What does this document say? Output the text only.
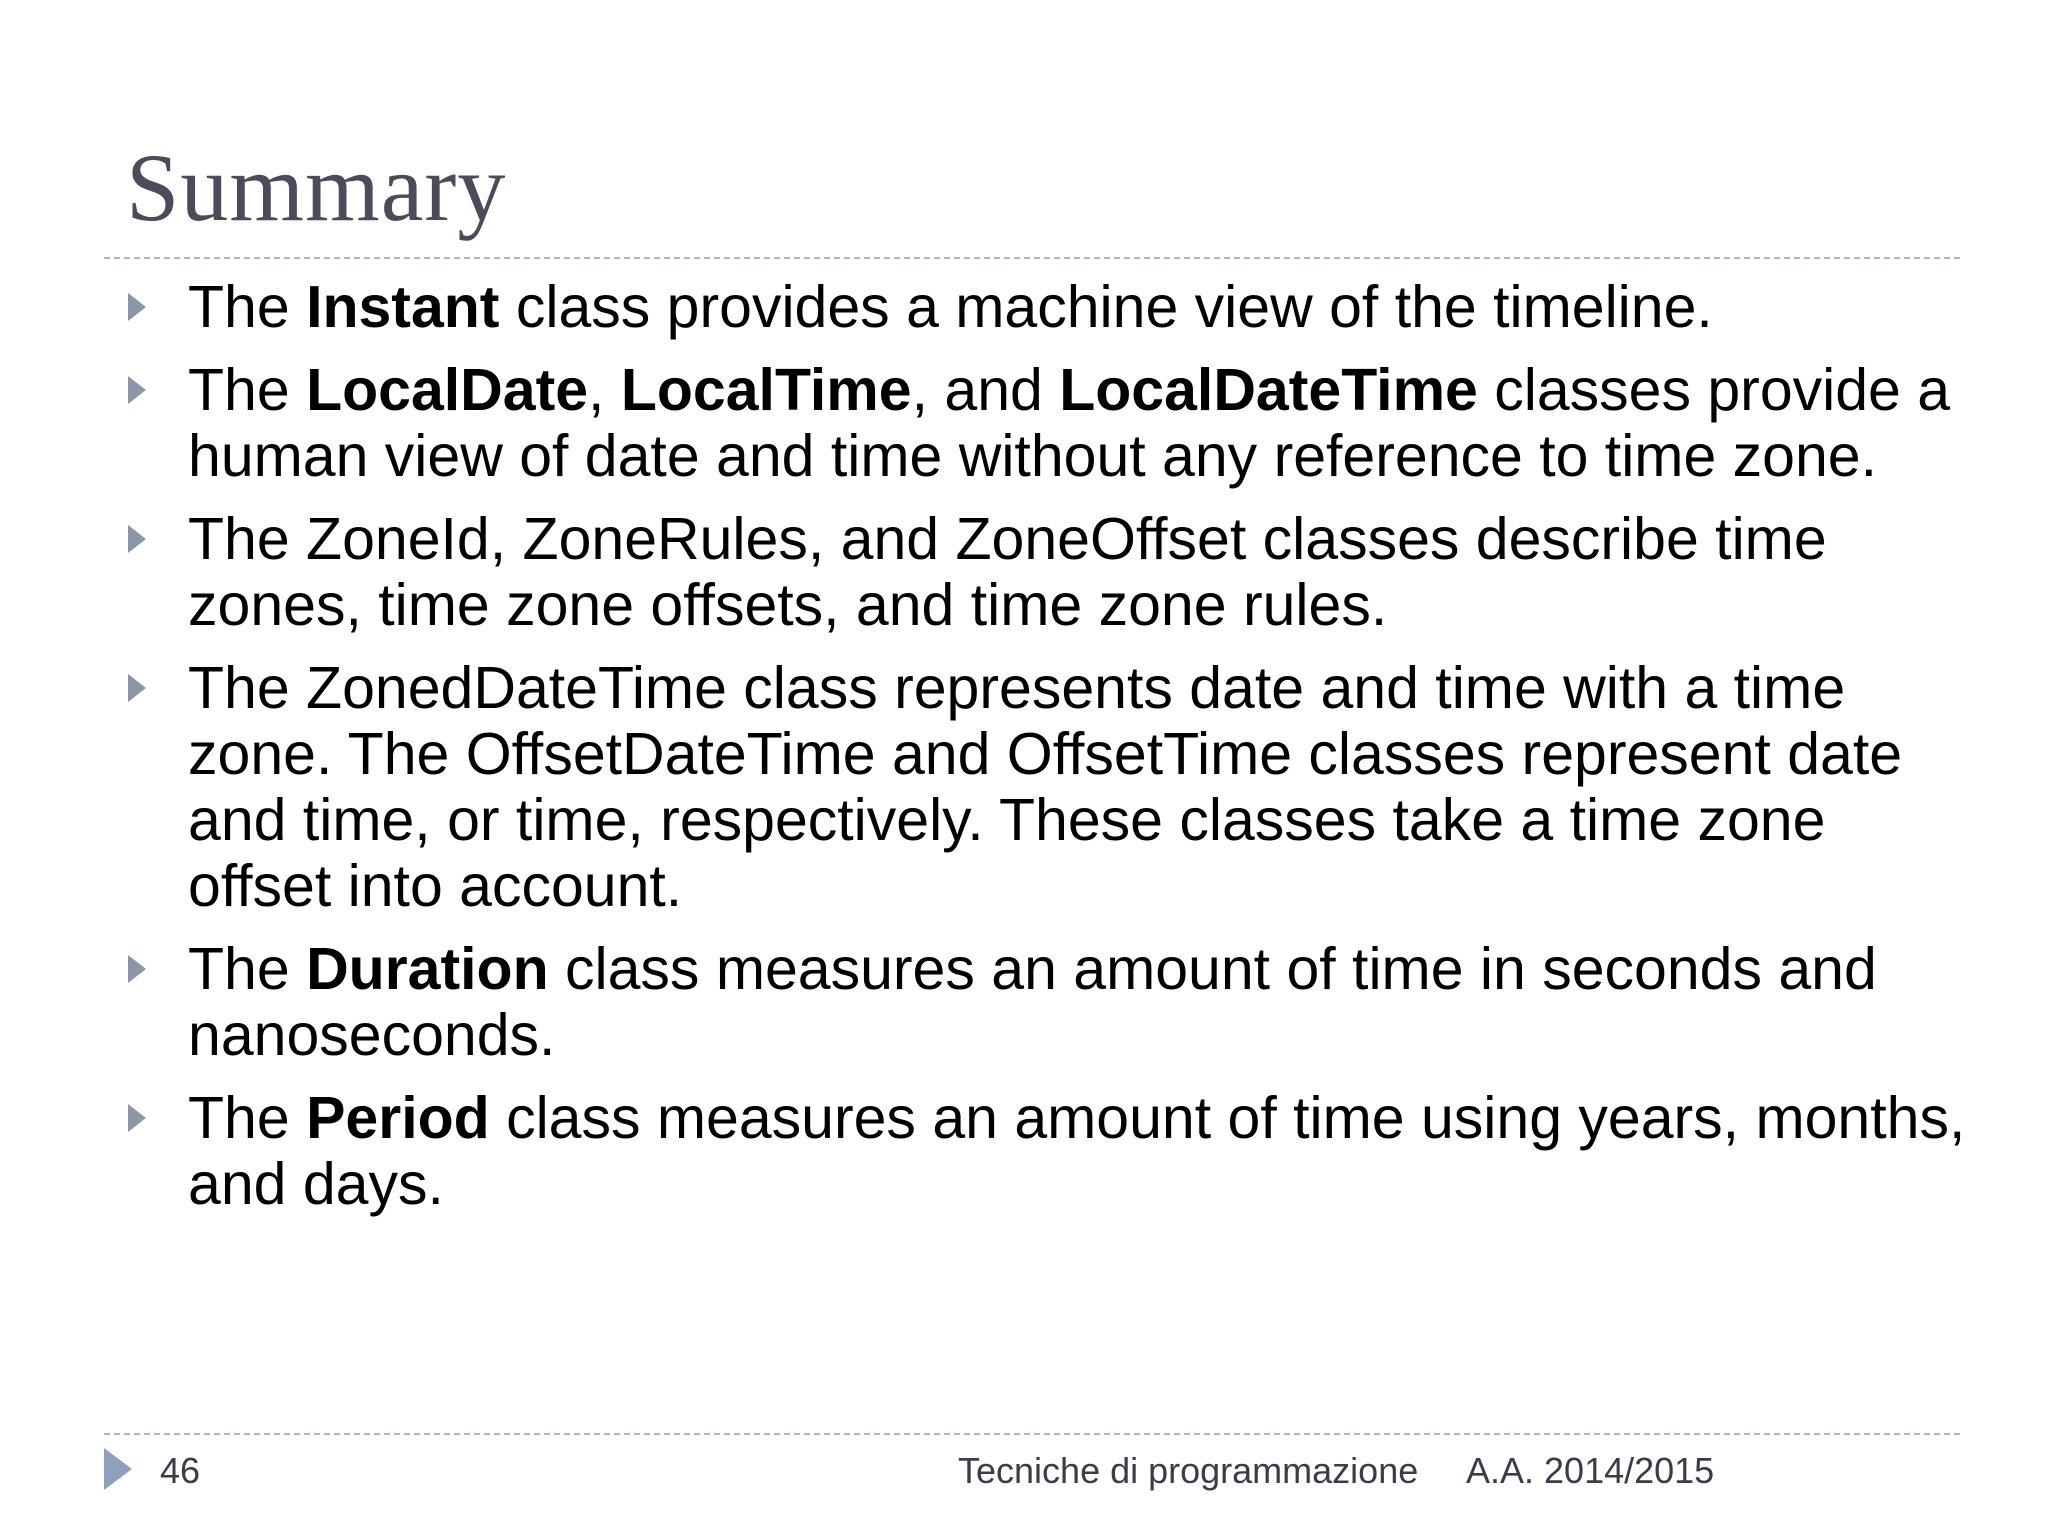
Summary
The Instant class provides a machine view of the timeline.
The LocalDate, LocalTime, and LocalDateTime classes provide a human view of date and time without any reference to time zone.
The ZoneId, ZoneRules, and ZoneOffset classes describe time zones, time zone offsets, and time zone rules.
The ZonedDateTime class represents date and time with a time zone. The OffsetDateTime and OffsetTime classes represent date and time, or time, respectively. These classes take a time zone offset into account.
The Duration class measures an amount of time in seconds and nanoseconds.
The Period class measures an amount of time using years, months, and days.
46	Tecniche di programmazione A.A. 2014/2015
